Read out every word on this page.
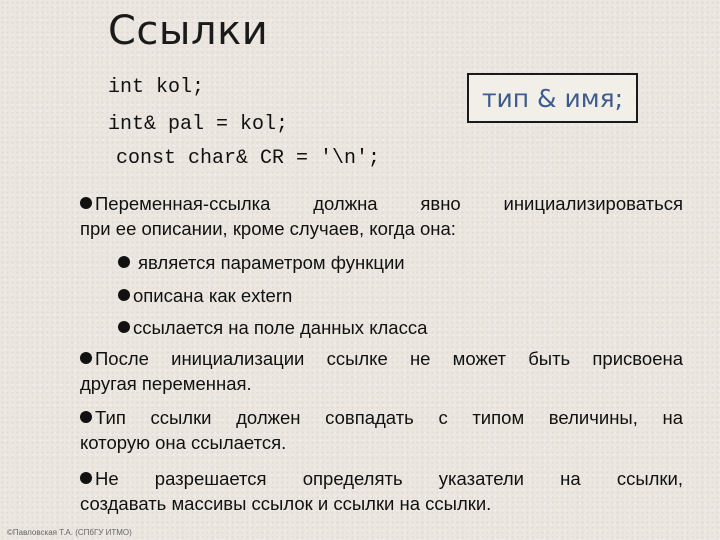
Ссылки
int kol;
int& pal = kol;
const char& CR = '\n';
тип & имя;
Переменная-ссылка должна явно инициализироваться
при ее описании, кроме случаев, когда она:
является параметром функции
описана как extern
ссылается на поле данных класса
После инициализации ссылке не может быть присвоена
другая переменная.
Тип ссылки должен совпадать с типом величины, на
которую она ссылается.
Не разрешается определять указатели на ссылки,
создавать массивы ссылок и ссылки на ссылки.
©Павловская Т.А. (СПбГУ ИТМО)
